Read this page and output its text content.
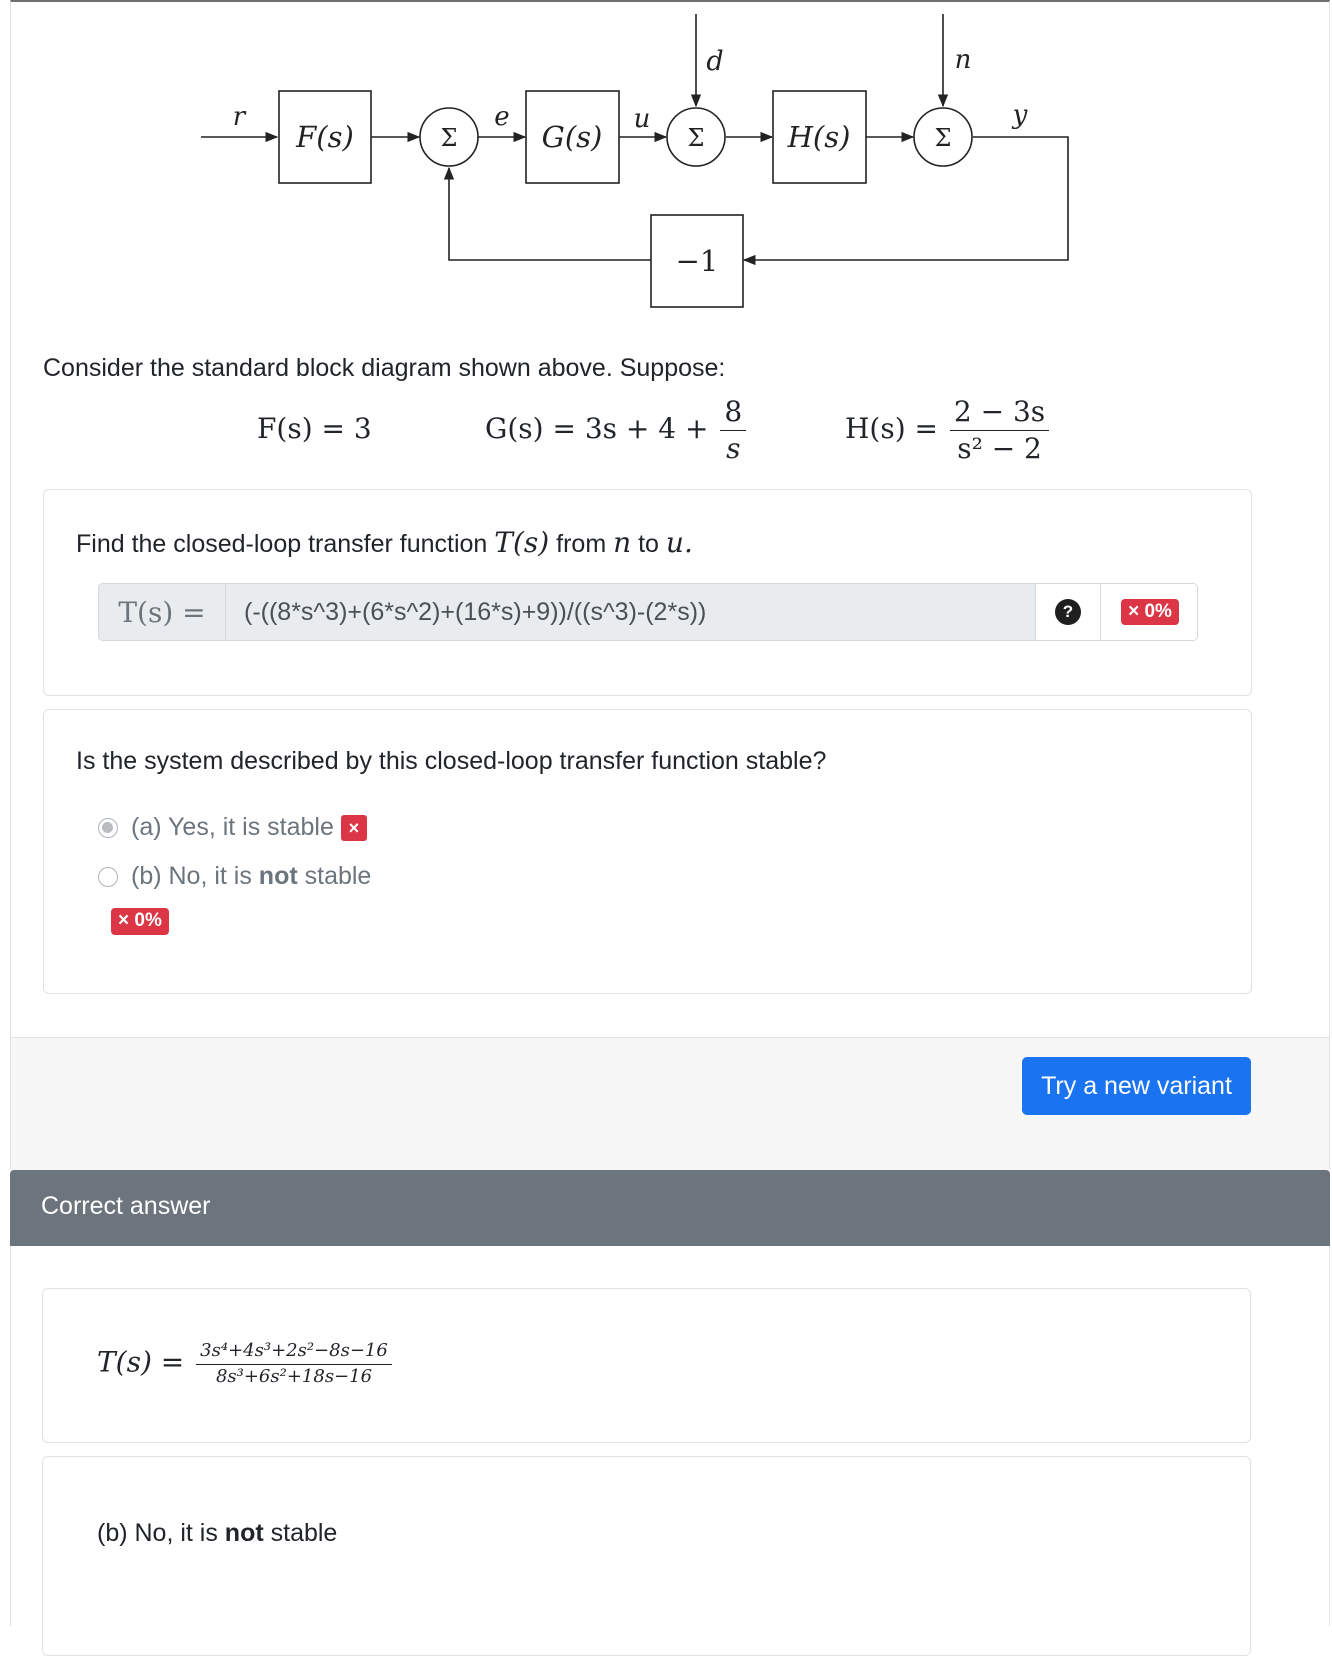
F(s)	G(s)	H(s)
−1
Σ	Σ	Σ
r	e	u
d	n
y
Consider the standard block diagram shown above. Suppose:
F(s) = 3	$G(s) = 3s + 4 + \frac{8}{s}$	$H(s) = \frac{2 - 3s}{\text{s² − 2}}$
Find the closed-loop transfer function T(s) from n to u.
T(s) =
(-((8*s^3)+(6*s^2)+(16*s)+9))/((s^3)-(2*s))	?	× 0%
Is the system described by this closed-loop transfer function stable?
(a) Yes, it is stable ×
(b) No, it is not stable
× 0%
Try a new variant
Correct answer
$T(s) = \frac{\text{3s⁴+4s³+2s²−8s−16}}{\text{8s³+6s²+18s−16}}$
(b) No, it is not stable
